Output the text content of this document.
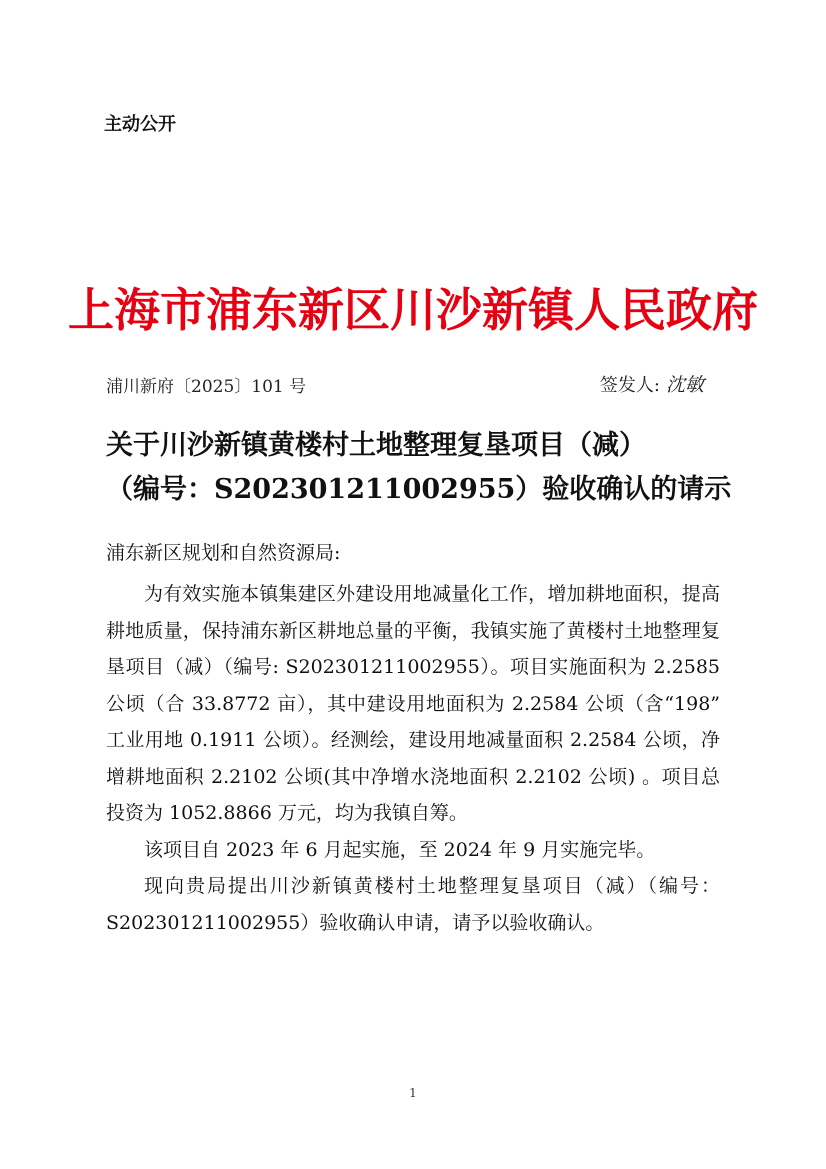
主动公开
上海市浦东新区川沙新镇人民政府
浦川新府〔2025〕101 号	签发人: 沈敏
关于川沙新镇黄楼村土地整理复垦项目（减）
（编号：S202301211002955）验收确认的请示
浦东新区规划和自然资源局:

为有效实施本镇集建区外建设用地减量化工作，增加耕地面积，提高耕地质量，保持浦东新区耕地总量的平衡，我镇实施了黄楼村土地整理复垦项目（减）（编号: S202301211002955）。项目实施面积为 2.2585 公顷（合 33.8772 亩），其中建设用地面积为 2.2584 公顷（含“198” 工业用地 0.1911 公顷）。经测绘，建设用地减量面积 2.2584 公顷，净增耕地面积 2.2102 公顷(其中净增水浇地面积 2.2102 公顷) 。项目总投资为 1052.8866 万元，均为我镇自筹。

该项目自 2023 年 6 月起实施，至 2024 年 9 月实施完毕。

现向贵局提出川沙新镇黄楼村土地整理复垦项目（减）（编号：S202301211002955）验收确认申请，请予以验收确认。

1
